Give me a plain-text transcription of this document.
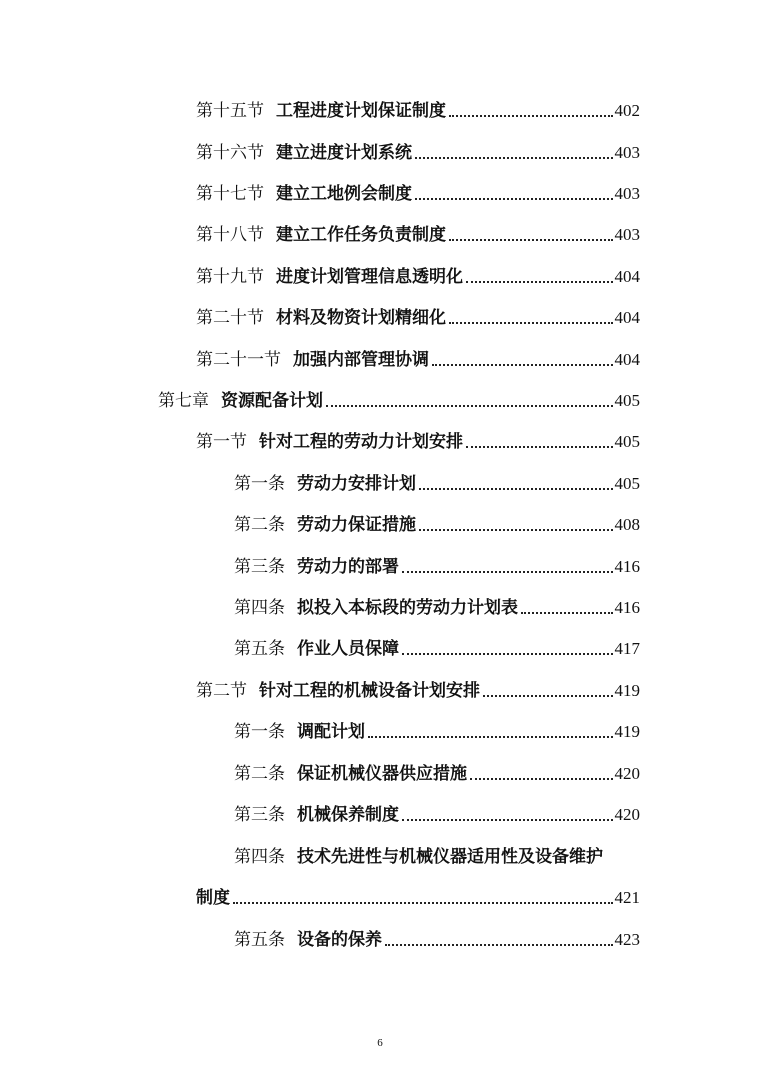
第十五节 工程进度计划保证制度	402
第十六节 建立进度计划系统	403
第十七节 建立工地例会制度	403
第十八节 建立工作任务负责制度	403
第十九节 进度计划管理信息透明化	404
第二十节 材料及物资计划精细化	404
第二十一节 加强内部管理协调	404
第七章 资源配备计划	405
第一节 针对工程的劳动力计划安排	405
第一条 劳动力安排计划	405
第二条 劳动力保证措施	408
第三条 劳动力的部署	416
第四条 拟投入本标段的劳动力计划表	416
第五条 作业人员保障	417
第二节 针对工程的机械设备计划安排	419
第一条 调配计划	419
第二条 保证机械仪器供应措施	420
第三条 机械保养制度	420
第四条 技术先进性与机械仪器适用性及设备维护
制度	421
第五条 设备的保养	423
6
